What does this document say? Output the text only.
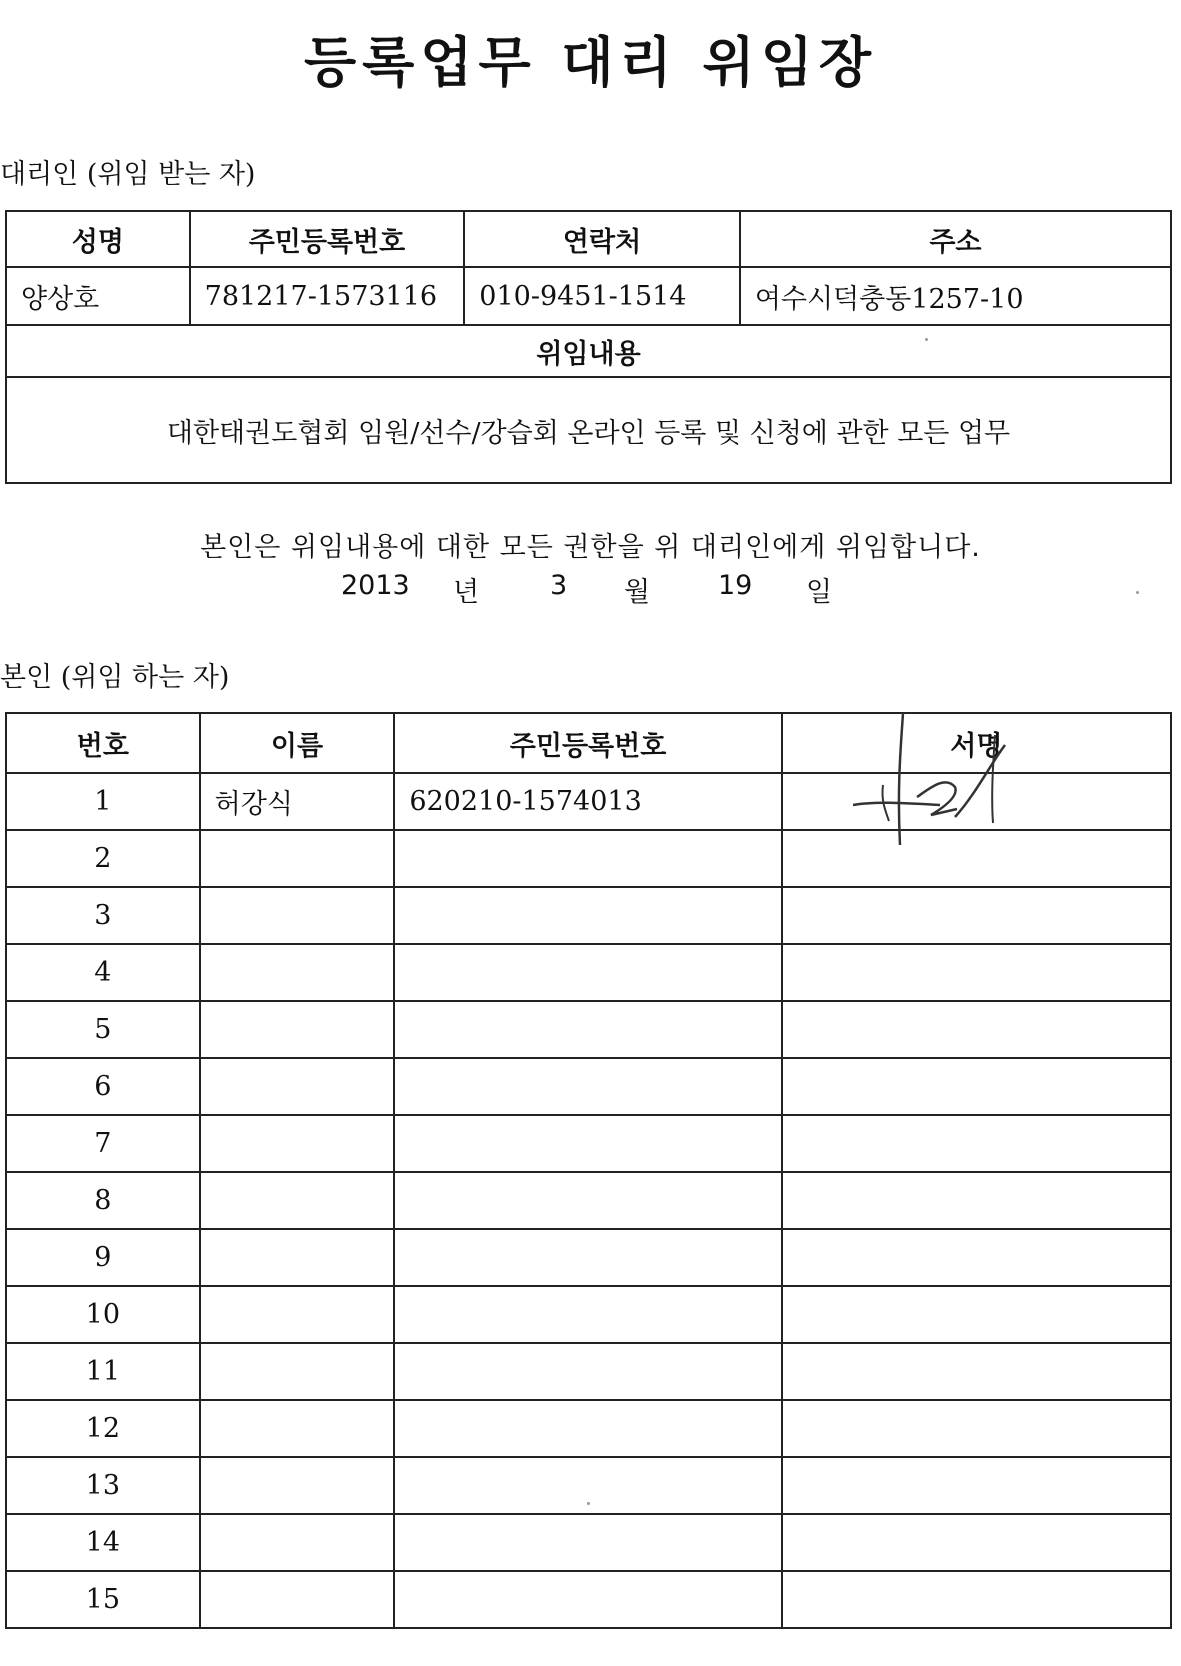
등록업무 대리 위임장
대리인 (위임 받는 자)
성명	주민등록번호	연락처	주소
양상호	781217-1573116	010-9451-1514	여수시덕충동1257-10
위임내용			
대한태권도협회 임원/선수/강습회 온라인 등록 및 신청에 관한 모든 업무			
본인은 위임내용에 대한 모든 권한을 위 대리인에게 위임합니다.
2013 년	3 월	19 일
본인 (위임 하는 자)
번호	이름	주민등록번호	서명
1	허강식	620210-1574013	
2			
3			
4			
5			
6			
7			
8			
9			
10			
11			
12			
13			
14			
15			
